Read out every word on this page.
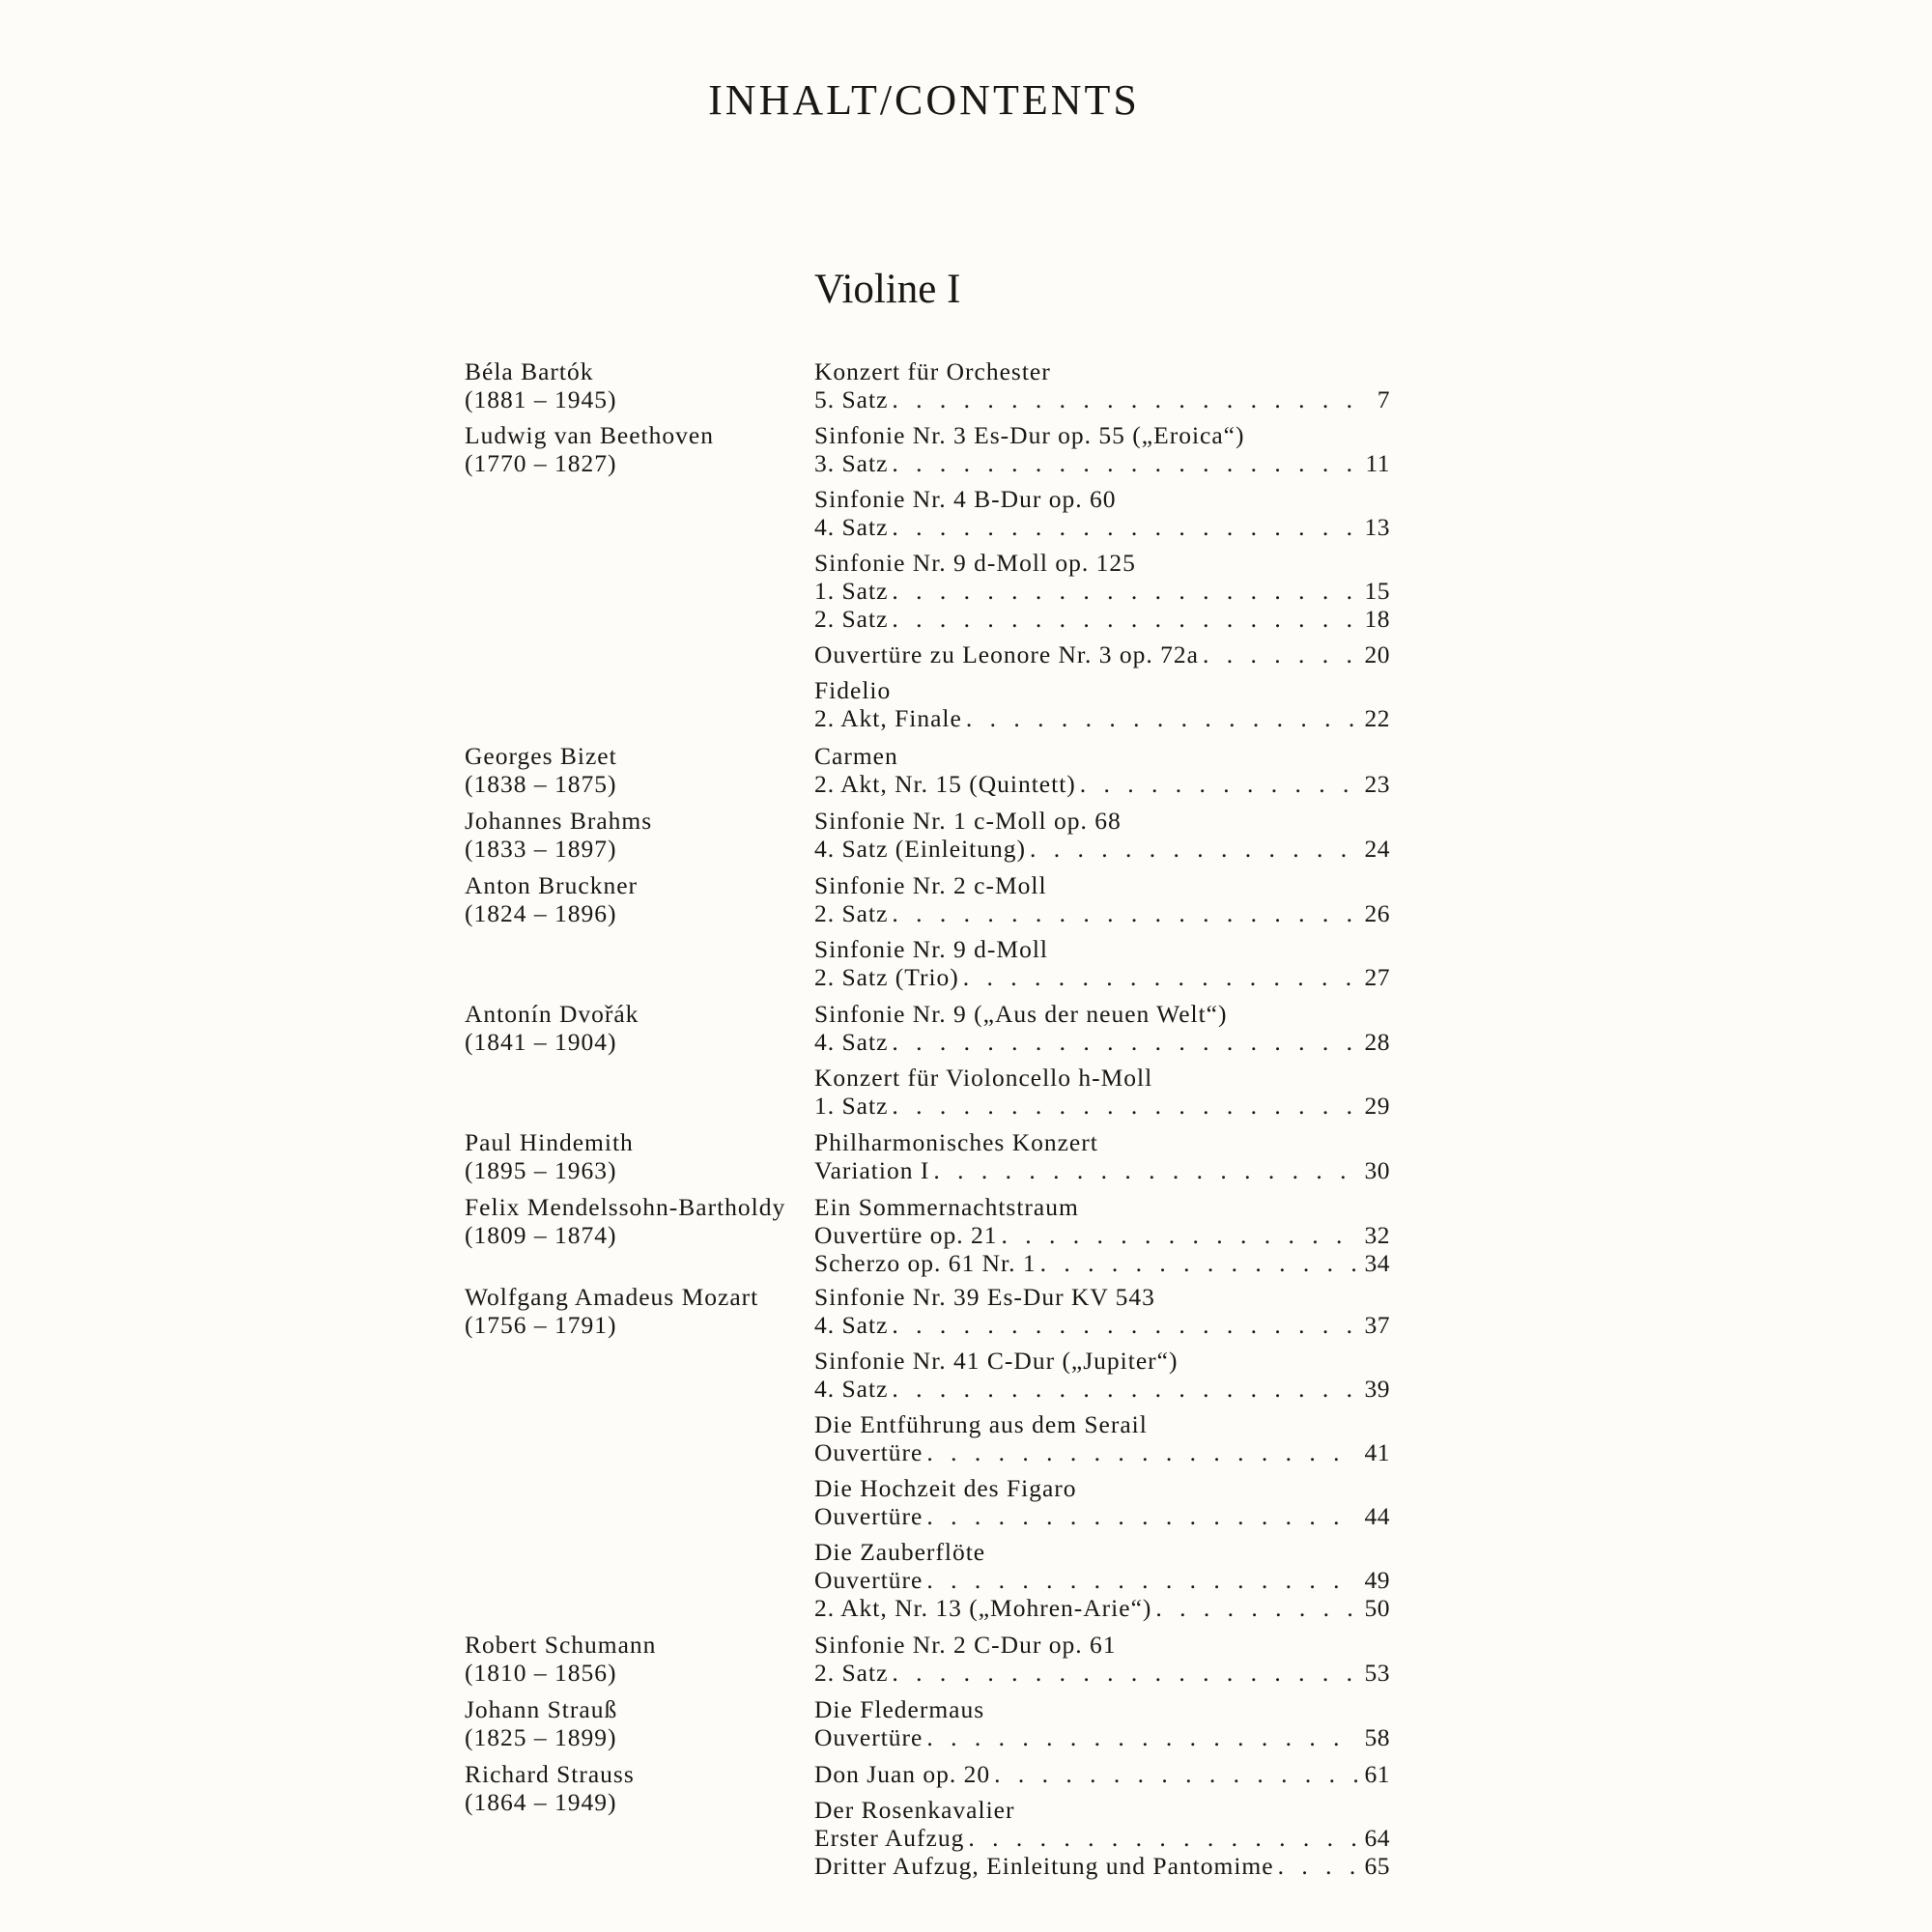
INHALT/CONTENTS
Violine I
Béla Bartók
(1881 – 1945)
Konzert für Orchester
5. Satz . . .	7
Ludwig van Beethoven
(1770 – 1827)
Sinfonie Nr. 3 Es-Dur op. 55 („Eroica“)
3. Satz . . .	11
Sinfonie Nr. 4 B-Dur op. 60
4. Satz . . .	13
Sinfonie Nr. 9 d-Moll op. 125
1. Satz . . .	15
2. Satz . . .	18
Ouvertüre zu Leonore Nr. 3 op. 72a . . .	20
Fidelio
2. Akt, Finale . . .	22
Georges Bizet
(1838 – 1875)
Carmen
2. Akt, Nr. 15 (Quintett) . . .	23
Johannes Brahms
(1833 – 1897)
Sinfonie Nr. 1 c-Moll op. 68
4. Satz (Einleitung) . . .	24
Anton Bruckner
(1824 – 1896)
Sinfonie Nr. 2 c-Moll
2. Satz . . .	26
Sinfonie Nr. 9 d-Moll
2. Satz (Trio) . . .	27
Antonín Dvořák
(1841 – 1904)
Sinfonie Nr. 9 („Aus der neuen Welt“)
4. Satz . . .	28
Konzert für Violoncello h-Moll
1. Satz . . .	29
Paul Hindemith
(1895 – 1963)
Philharmonisches Konzert
Variation I . . .	30
Felix Mendelssohn-Bartholdy
(1809 – 1874)
Ein Sommernachtstraum
Ouvertüre op. 21 . . .	32
Scherzo op. 61 Nr. 1 . . .	34
Wolfgang Amadeus Mozart
(1756 – 1791)
Sinfonie Nr. 39 Es-Dur KV 543
4. Satz . . .	37
Sinfonie Nr. 41 C-Dur („Jupiter“)
4. Satz . . .	39
Die Entführung aus dem Serail
Ouvertüre . . .	41
Die Hochzeit des Figaro
Ouvertüre . . .	44
Die Zauberflöte
Ouvertüre . . .	49
2. Akt, Nr. 13 („Mohren-Arie“) . . .	50
Robert Schumann
(1810 – 1856)
Sinfonie Nr. 2 C-Dur op. 61
2. Satz . . .	53
Johann Strauß
(1825 – 1899)
Die Fledermaus
Ouvertüre . . .	58
Richard Strauss
(1864 – 1949)
Don Juan op. 20 . . .	61
Der Rosenkavalier
Erster Aufzug . . .	64
Dritter Aufzug, Einleitung und Pantomime . . .	65
